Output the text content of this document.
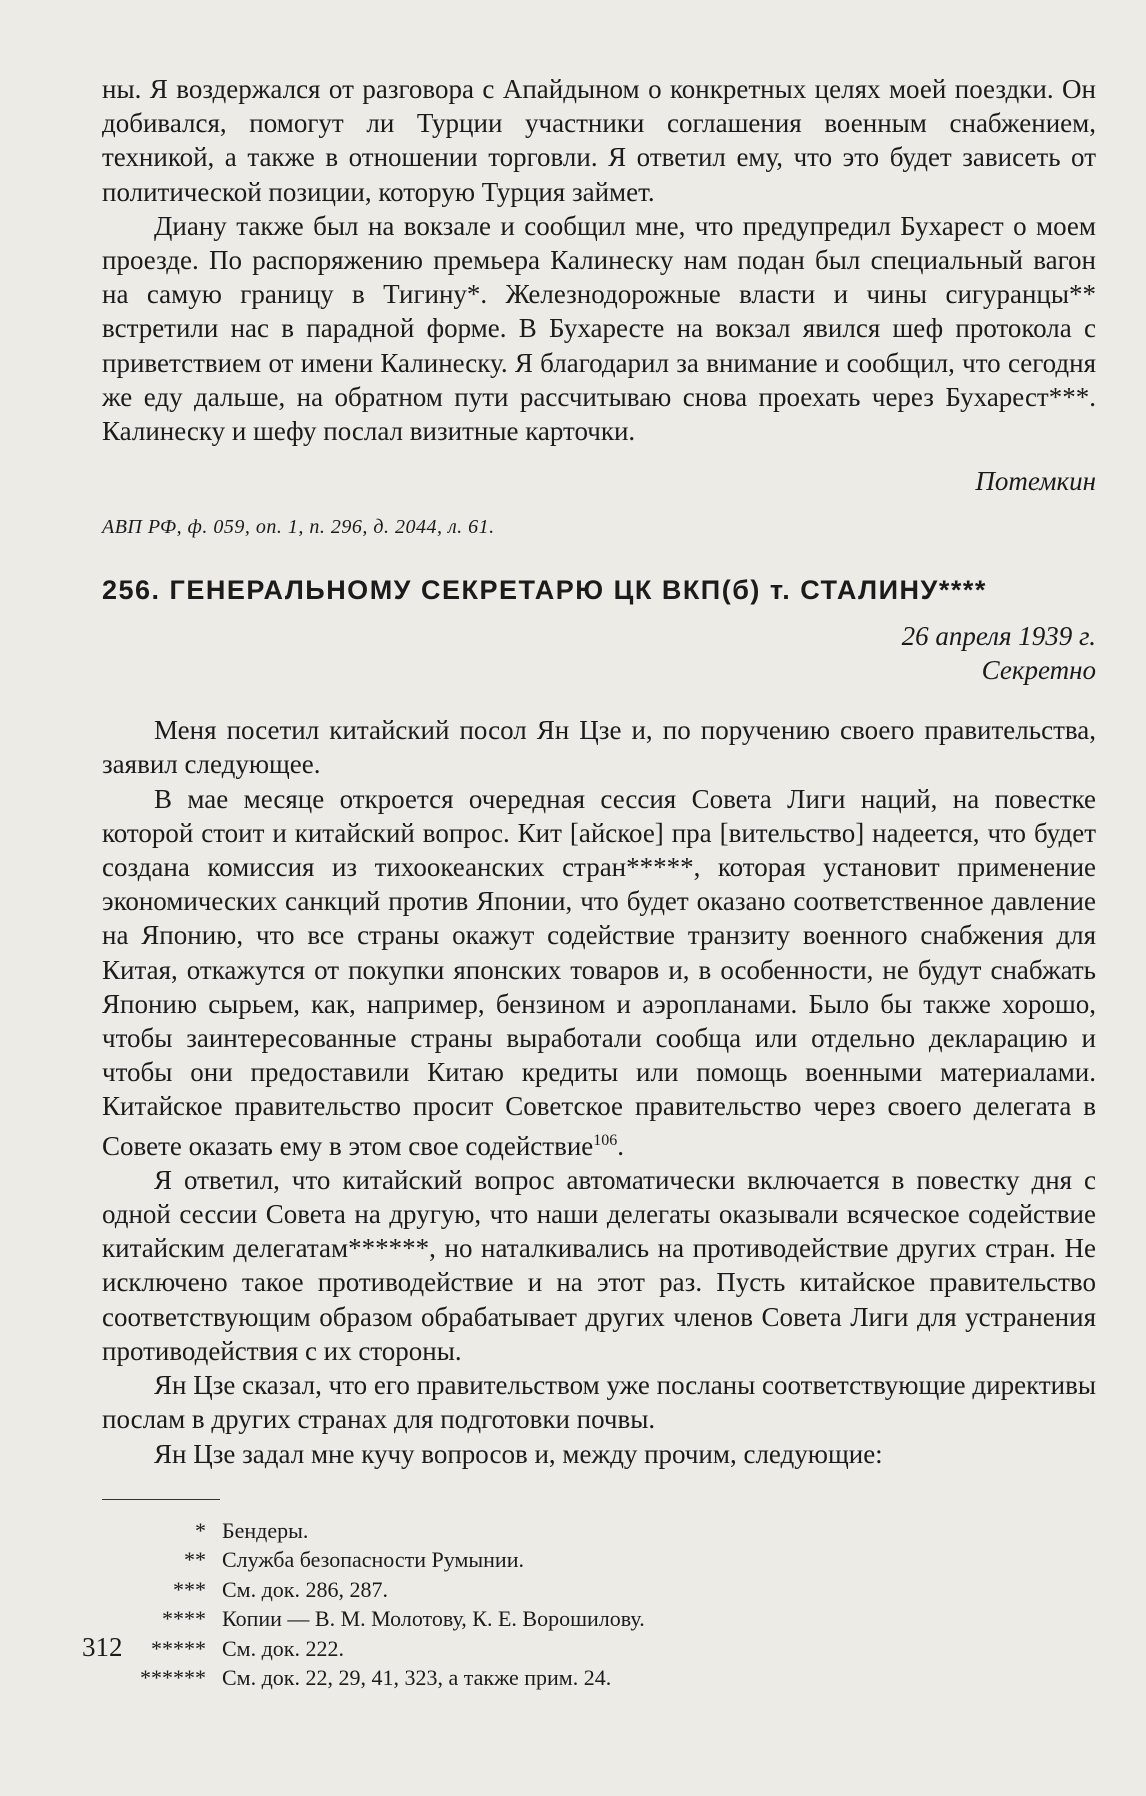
ны. Я воздержался от разговора с Апайдыном о конкретных целях моей поездки. Он добивался, помогут ли Турции участники соглашения военным снабжением, техникой, а также в отношении торговли. Я ответил ему, что это будет зависеть от политической позиции, которую Турция займет.

Диану также был на вокзале и сообщил мне, что предупредил Бухарест о моем проезде. По распоряжению премьера Калинеску нам подан был специальный вагон на самую границу в Тигину*. Железнодорожные власти и чины сигуранцы** встретили нас в парадной форме. В Бухаресте на вокзал явился шеф протокола с приветствием от имени Калинеску. Я благодарил за внимание и сообщил, что сегодня же еду дальше, на обратном пути рассчитываю снова проехать через Бухарест***. Калинеску и шефу послал визитные карточки.

Потемкин

АВП РФ, ф. 059, оп. 1, п. 296, д. 2044, л. 61.

256. ГЕНЕРАЛЬНОМУ СЕКРЕТАРЮ ЦК ВКП(б) т. СТАЛИНУ****

26 апреля 1939 г.

Секретно

Меня посетил китайский посол Ян Цзе и, по поручению своего правительства, заявил следующее.

В мае месяце откроется очередная сессия Совета Лиги наций, на повестке которой стоит и китайский вопрос. Кит [айское] пра [вительство] надеется, что будет создана комиссия из тихоокеанских стран*****, которая установит применение экономических санкций против Японии, что будет оказано соответственное давление на Японию, что все страны окажут содействие транзиту военного снабжения для Китая, откажутся от покупки японских товаров и, в особенности, не будут снабжать Японию сырьем, как, например, бензином и аэропланами. Было бы также хорошо, чтобы заинтересованные страны выработали сообща или отдельно декларацию и чтобы они предоставили Китаю кредиты или помощь военными материалами. Китайское правительство просит Советское правительство через своего делегата в Совете оказать ему в этом свое содействие$^{106}$.

Я ответил, что китайский вопрос автоматически включается в повестку дня с одной сессии Совета на другую, что наши делегаты оказывали всяческое содействие китайским делегатам******, но наталкивались на противодействие других стран. Не исключено такое противодействие и на этот раз. Пусть китайское правительство соответствующим образом обрабатывает других членов Совета Лиги для устранения противодействия с их стороны.

Ян Цзе сказал, что его правительством уже посланы соответствующие директивы послам в других странах для подготовки почвы.

Ян Цзе задал мне кучу вопросов и, между прочим, следующие:

* Бендеры.
** Служба безопасности Румынии.
*** См. док. 286, 287.
**** Копии — В. М. Молотову, К. Е. Ворошилову.
***** См. док. 222.
****** См. док. 22, 29, 41, 323, а также прим. 24.
312
